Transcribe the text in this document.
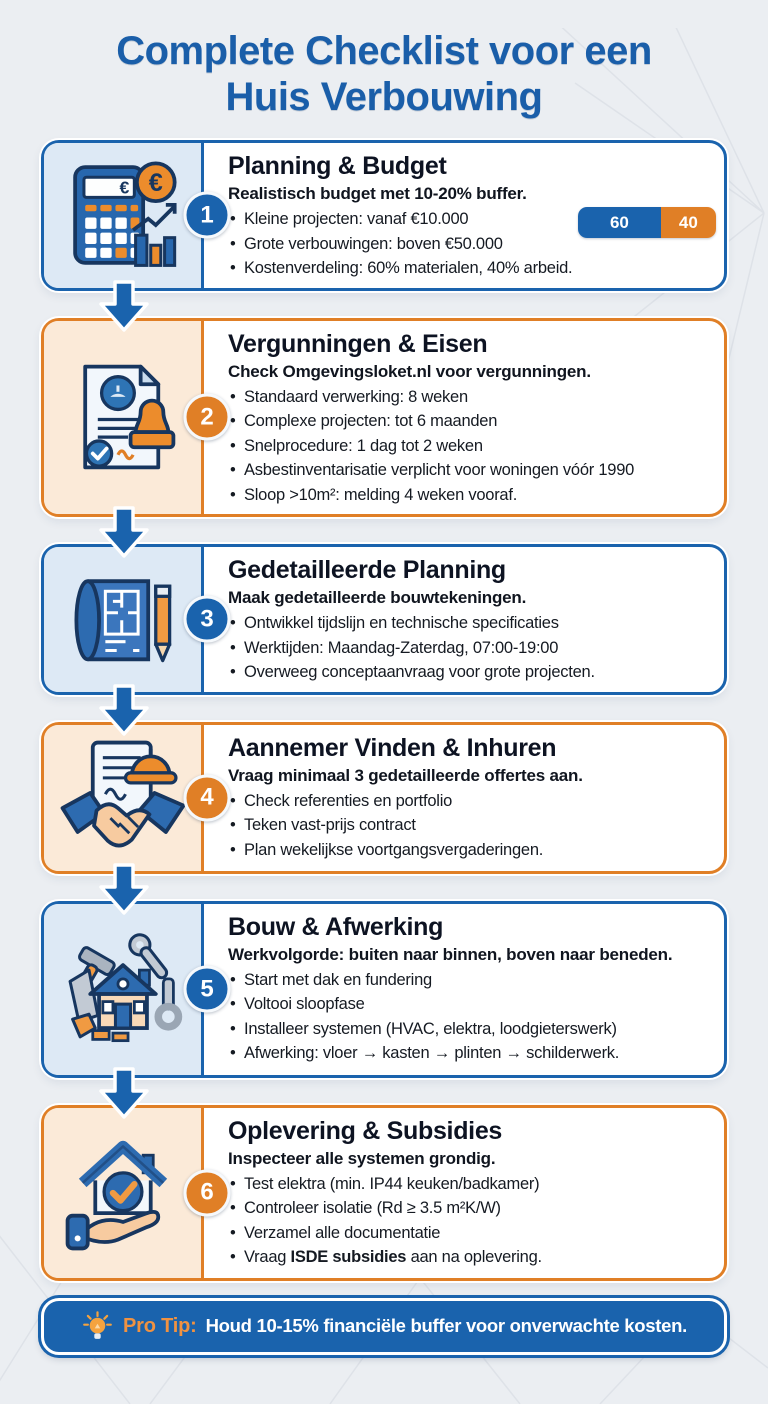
Complete Checklist voor een Huis Verbouwing
€ €
1
Planning & Budget

Realistisch budget met 10-20% buffer.

• Kleine projecten: vanaf €10.000
• Grote verbouwingen: boven €50.000
• Kostenverdeling: 60% materialen, 40% arbeid.
60	40
2
Vergunningen & Eisen

Check Omgevingsloket.nl voor vergunningen.

• Standaard verwerking: 8 weken
• Complexe projecten: tot 6 maanden
• Snelprocedure: 1 dag tot 2 weken
• Asbestinventarisatie verplicht voor woningen vóór 1990
• Sloop >10m²: melding 4 weken vooraf.
3
Gedetailleerde Planning

Maak gedetailleerde bouwtekeningen.

• Ontwikkel tijdslijn en technische specificaties
• Werktijden: Maandag-Zaterdag, 07:00-19:00
• Overweeg conceptaanvraag voor grote projecten.
4
Aannemer Vinden & Inhuren

Vraag minimaal 3 gedetailleerde offertes aan.

• Check referenties en portfolio
• Teken vast-prijs contract
• Plan wekelijkse voortgangsvergaderingen.
5
Bouw & Afwerking

Werkvolgorde: buiten naar binnen, boven naar beneden.

• Start met dak en fundering
• Voltooi sloopfase
• Installeer systemen (HVAC, elektra, loodgieterswerk)
• Afwerking: vloer → kasten → plinten → schilderwerk.
6
Oplevering & Subsidies

Inspecteer alle systemen grondig.

• Test elektra (min. IP44 keuken/badkamer)
• Controleer isolatie (Rd ≥ 3.5 m²K/W)
• Verzamel alle documentatie
• Vraag ISDE subsidies aan na oplevering.
Pro Tip: Houd 10-15% financiële buffer voor onverwachte kosten.
